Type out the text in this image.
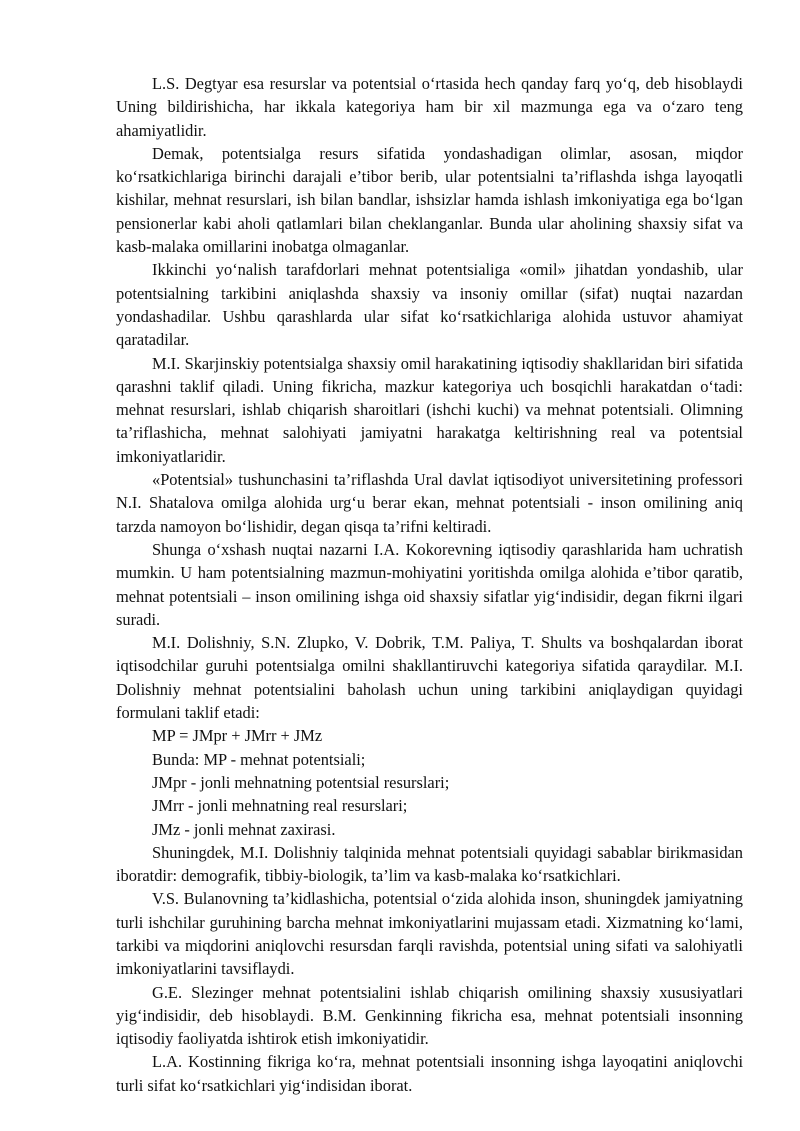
L.S. Degtyar esa resurslar va potentsial o‘rtasida hech qanday farq yo‘q, deb hisoblaydi Uning bildirishicha, har ikkala kategoriya ham bir xil mazmunga ega va o‘zaro teng ahamiyatlidir.

Demak, potentsialga resurs sifatida yondashadigan olimlar, asosan, miqdor ko‘rsatkichlariga birinchi darajali e’tibor berib, ular potentsialni ta’riflashda ishga layoqatli kishilar, mehnat resurslari, ish bilan bandlar, ishsizlar hamda ishlash imkoniyatiga ega bo‘lgan pensionerlar kabi aholi qatlamlari bilan cheklanganlar. Bunda ular aholining shaxsiy sifat va kasb-malaka omillarini inobatga olmaganlar.

Ikkinchi yo‘nalish tarafdorlari mehnat potentsialiga «omil» jihatdan yondashib, ular potentsialning tarkibini aniqlashda shaxsiy va insoniy omillar (sifat) nuqtai nazardan yondashadilar. Ushbu qarashlarda ular sifat ko‘rsatkichlariga alohida ustuvor ahamiyat qaratadilar.

M.I. Skarjinskiy potentsialga shaxsiy omil harakatining iqtisodiy shakllaridan biri sifatida qarashni taklif qiladi. Uning fikricha, mazkur kategoriya uch bosqichli harakatdan o‘tadi: mehnat resurslari, ishlab chiqarish sharoitlari (ishchi kuchi) va mehnat potentsiali. Olimning ta’riflashicha, mehnat salohiyati jamiyatni harakatga keltirishning real va potentsial imkoniyatlaridir.

«Potentsial» tushunchasini ta’riflashda Ural davlat iqtisodiyot universitetining professori N.I. Shatalova omilga alohida urg‘u berar ekan, mehnat potentsiali - inson omilining aniq tarzda namoyon bo‘lishidir, degan qisqa ta’rifni keltiradi.

Shunga o‘xshash nuqtai nazarni I.A. Kokorevning iqtisodiy qarashlarida ham uchratish mumkin. U ham potentsialning mazmun-mohiyatini yoritishda omilga alohida e’tibor qaratib, mehnat potentsiali – inson omilining ishga oid shaxsiy sifatlar yig‘indisidir, degan fikrni ilgari suradi.

M.I. Dolishniy, S.N. Zlupko, V. Dobrik, T.M. Paliya, T. Shults va boshqalardan iborat iqtisodchilar guruhi potentsialga omilni shakllantiruvchi kategoriya sifatida qaraydilar. M.I. Dolishniy mehnat potentsialini baholash uchun uning tarkibini aniqlaydigan quyidagi formulani taklif etadi:

MP = JMpr + JMrr + JMz

Bunda: MP - mehnat potentsiali;

JMpr - jonli mehnatning potentsial resurslari;

JMrr - jonli mehnatning real resurslari;

JMz - jonli mehnat zaxirasi.

Shuningdek, M.I. Dolishniy talqinida mehnat potentsiali quyidagi sabablar birikmasidan iboratdir: demografik, tibbiy-biologik, ta’lim va kasb-malaka ko‘rsatkichlari.

V.S. Bulanovning ta’kidlashicha, potentsial o‘zida alohida inson, shuningdek jamiyatning turli ishchilar guruhining barcha mehnat imkoniyatlarini mujassam etadi. Xizmatning ko‘lami, tarkibi va miqdorini aniqlovchi resursdan farqli ravishda, potentsial uning sifati va salohiyatli imkoniyatlarini tavsiflaydi.

G.E. Slezinger mehnat potentsialini ishlab chiqarish omilining shaxsiy xususiyatlari yig‘indisidir, deb hisoblaydi. B.M. Genkinning fikricha esa, mehnat potentsiali insonning iqtisodiy faoliyatda ishtirok etish imkoniyatidir.

L.A. Kostinning fikriga ko‘ra, mehnat potentsiali insonning ishga layoqatini aniqlovchi turli sifat ko‘rsatkichlari yig‘indisidan iborat.
